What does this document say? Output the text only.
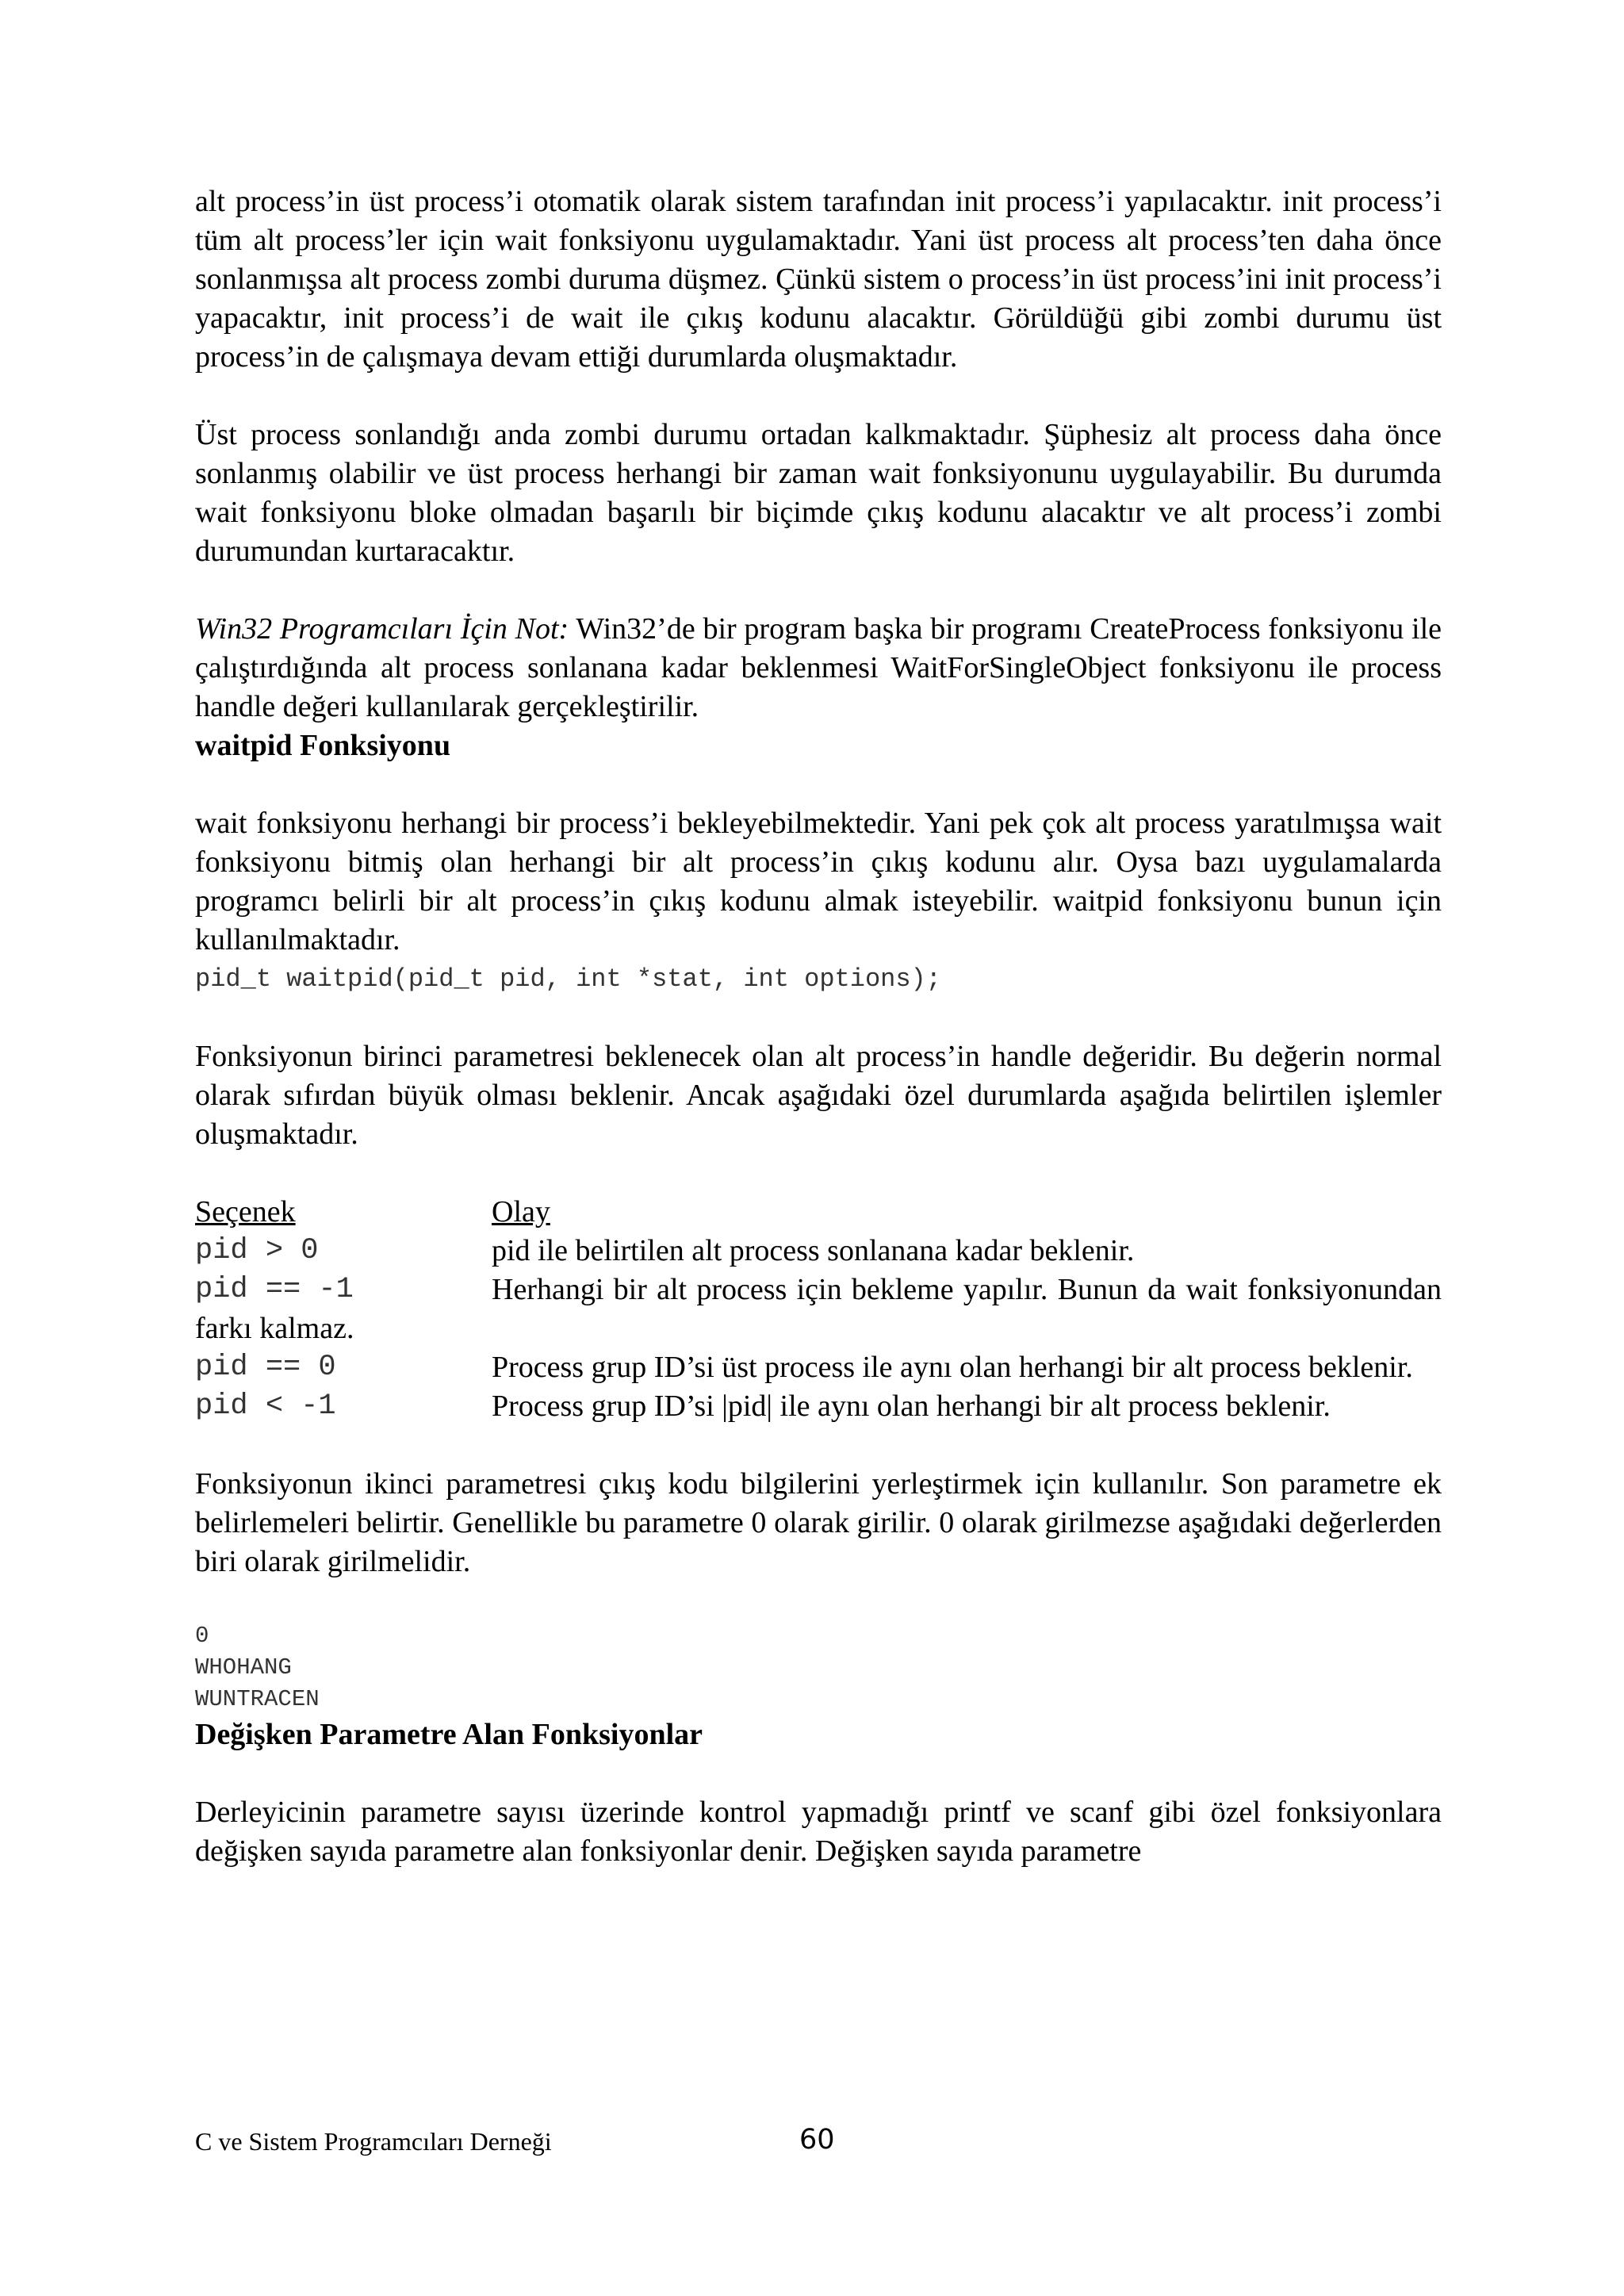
alt process’in üst process’i otomatik olarak sistem tarafından init process’i yapılacaktır. init process’i tüm alt process’ler için wait fonksiyonu uygulamaktadır. Yani üst process alt process’ten daha önce sonlanmışsa alt process zombi duruma düşmez. Çünkü sistem o process’in üst process’ini init process’i yapacaktır, init process’i de wait ile çıkış kodunu alacaktır. Görüldüğü gibi zombi durumu üst process’in de çalışmaya devam ettiği durumlarda oluşmaktadır.

Üst process sonlandığı anda zombi durumu ortadan kalkmaktadır. Şüphesiz alt process daha önce sonlanmış olabilir ve üst process herhangi bir zaman wait fonksiyonunu uygulayabilir. Bu durumda wait fonksiyonu bloke olmadan başarılı bir biçimde çıkış kodunu alacaktır ve alt process’i zombi durumundan kurtaracaktır.

Win32 Programcıları İçin Not: Win32’de bir program başka bir programı CreateProcess fonksiyonu ile çalıştırdığında alt process sonlanana kadar beklenmesi WaitForSingleObject fonksiyonu ile process handle değeri kullanılarak gerçekleştirilir.

waitpid Fonksiyonu

wait fonksiyonu herhangi bir process’i bekleyebilmektedir. Yani pek çok alt process yaratılmışsa wait fonksiyonu bitmiş olan herhangi bir alt process’in çıkış kodunu alır. Oysa bazı uygulamalarda programcı belirli bir alt process’in çıkış kodunu almak isteyebilir. waitpid fonksiyonu bunun için kullanılmaktadır.

pid_t waitpid(pid_t pid, int *stat, int options);

Fonksiyonun birinci parametresi beklenecek olan alt process’in handle değeridir. Bu değerin normal olarak sıfırdan büyük olması beklenir. Ancak aşağıdaki özel durumlarda aşağıda belirtilen işlemler oluşmaktadır.

Seçenek	Olay
pid > 0	pid ile belirtilen alt process sonlanana kadar beklenir.
pid == -1	Herhangi bir alt process için bekleme yapılır. Bunun da wait fonksiyonundan farkı kalmaz.
pid == 0	Process grup ID’si üst process ile aynı olan herhangi bir alt process beklenir.
pid < -1	Process grup ID’si |pid| ile aynı olan herhangi bir alt process beklenir.

Fonksiyonun ikinci parametresi çıkış kodu bilgilerini yerleştirmek için kullanılır. Son parametre ek belirlemeleri belirtir. Genellikle bu parametre 0 olarak girilir. 0 olarak girilmezse aşağıdaki değerlerden biri olarak girilmelidir.

0
WHOHANG
WUNTRACEN
Değişken Parametre Alan Fonksiyonlar

Derleyicinin parametre sayısı üzerinde kontrol yapmadığı printf ve scanf gibi özel fonksiyonlara değişken sayıda parametre alan fonksiyonlar denir. Değişken sayıda parametre

C ve Sistem Programcıları Derneği	60
